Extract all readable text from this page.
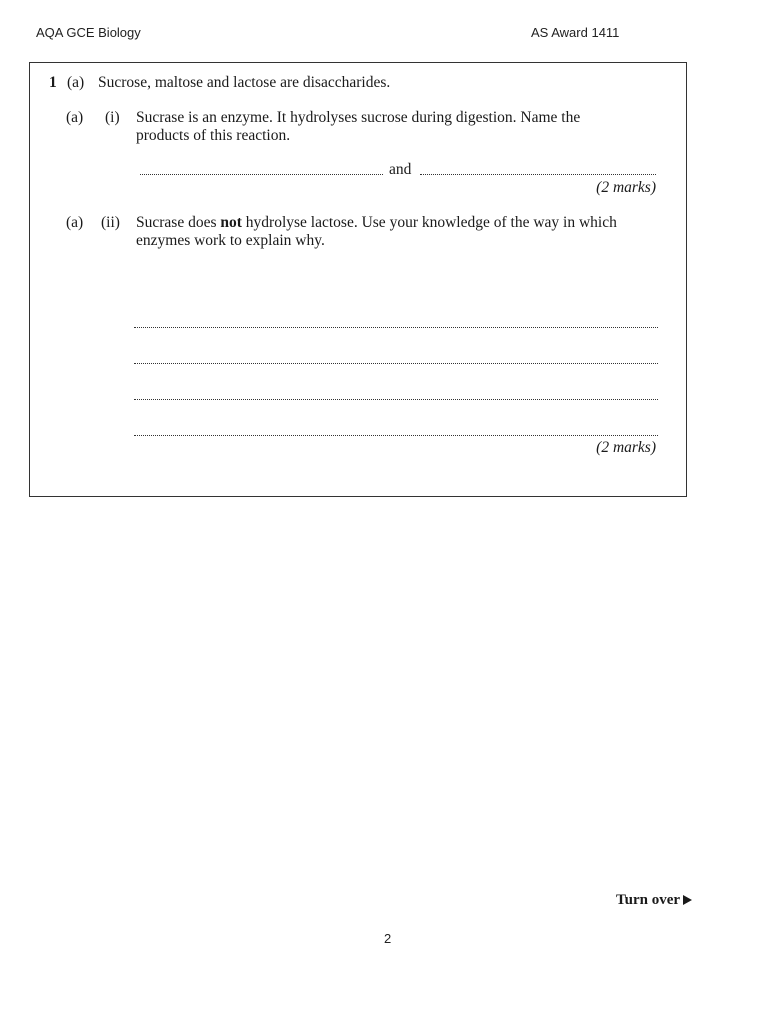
AQA GCE Biology	AS Award 1411
1 (a) Sucrose, maltose and lactose are disaccharides.
(a) (i) Sucrase is an enzyme. It hydrolyses sucrose during digestion. Name the
products of this reaction.
and
(2 marks)
(a) (ii) Sucrase does not hydrolyse lactose. Use your knowledge of the way in which
enzymes work to explain why.
(2 marks)
Turn over
2
